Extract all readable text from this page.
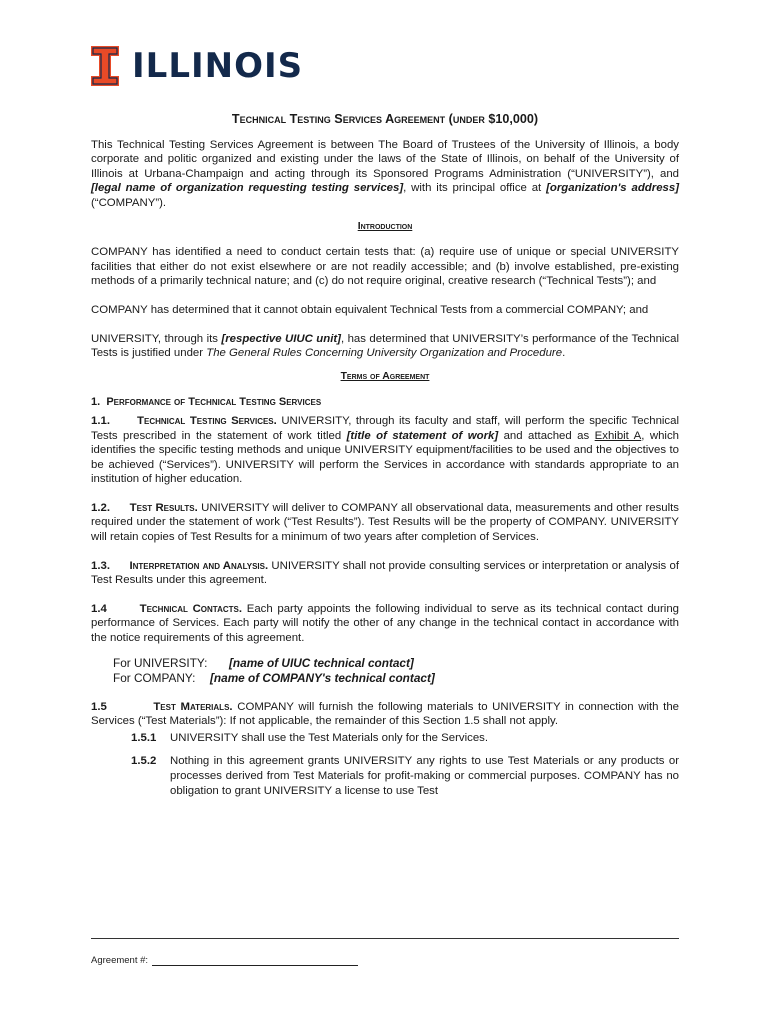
ILLINOIS
Technical Testing Services Agreement (under $10,000)

This Technical Testing Services Agreement is between The Board of Trustees of the University of Illinois, a body corporate and politic organized and existing under the laws of the State of Illinois, on behalf of the University of Illinois at Urbana-Champaign and acting through its Sponsored Programs Administration (“UNIVERSITY”), and [legal name of organization requesting testing services], with its principal office at [organization's address] (“COMPANY”).

Introduction

COMPANY has identified a need to conduct certain tests that: (a) require use of unique or special UNIVERSITY facilities that either do not exist elsewhere or are not readily accessible; and (b) involve established, pre-existing methods of a primarily technical nature; and (c) do not require original, creative research (“Technical Tests”); and

COMPANY has determined that it cannot obtain equivalent Technical Tests from a commercial COMPANY; and

UNIVERSITY, through its [respective UIUC unit], has determined that UNIVERSITY’s performance of the Technical Tests is justified under The General Rules Concerning University Organization and Procedure.

Terms of Agreement
1. Performance of Technical Testing Services

1.1. Technical Testing Services. UNIVERSITY, through its faculty and staff, will perform the specific Technical Tests prescribed in the statement of work titled [title of statement of work] and attached as Exhibit A, which identifies the specific testing methods and unique UNIVERSITY equipment/facilities to be used and the objectives to be achieved (“Services”). UNIVERSITY will perform the Services in accordance with standards appropriate to an institution of higher education.

1.2. Test Results. UNIVERSITY will deliver to COMPANY all observational data, measurements and other results required under the statement of work (“Test Results”). Test Results will be the property of COMPANY. UNIVERSITY will retain copies of Test Results for a minimum of two years after completion of Services.

1.3. Interpretation and Analysis. UNIVERSITY shall not provide consulting services or interpretation or analysis of Test Results under this agreement.

1.4	Technical Contacts. Each party appoints the following individual to serve as its technical contact during performance of Services. Each party will notify the other of any change in the technical contact in accordance with the notice requirements of this agreement.

For UNIVERSITY: [name of UIUC technical contact]
For COMPANY: [name of COMPANY's technical contact]

1.5	Test Materials. COMPANY will furnish the following materials to UNIVERSITY in connection with the Services (“Test Materials”): If not applicable, the remainder of this Section 1.5 shall not apply.

1.5.1	UNIVERSITY shall use the Test Materials only for the Services.
1.5.2	Nothing in this agreement grants UNIVERSITY any rights to use Test Materials or any products or processes derived from Test Materials for profit-making or commercial purposes. COMPANY has no obligation to grant UNIVERSITY a license to use Test
Agreement #:
